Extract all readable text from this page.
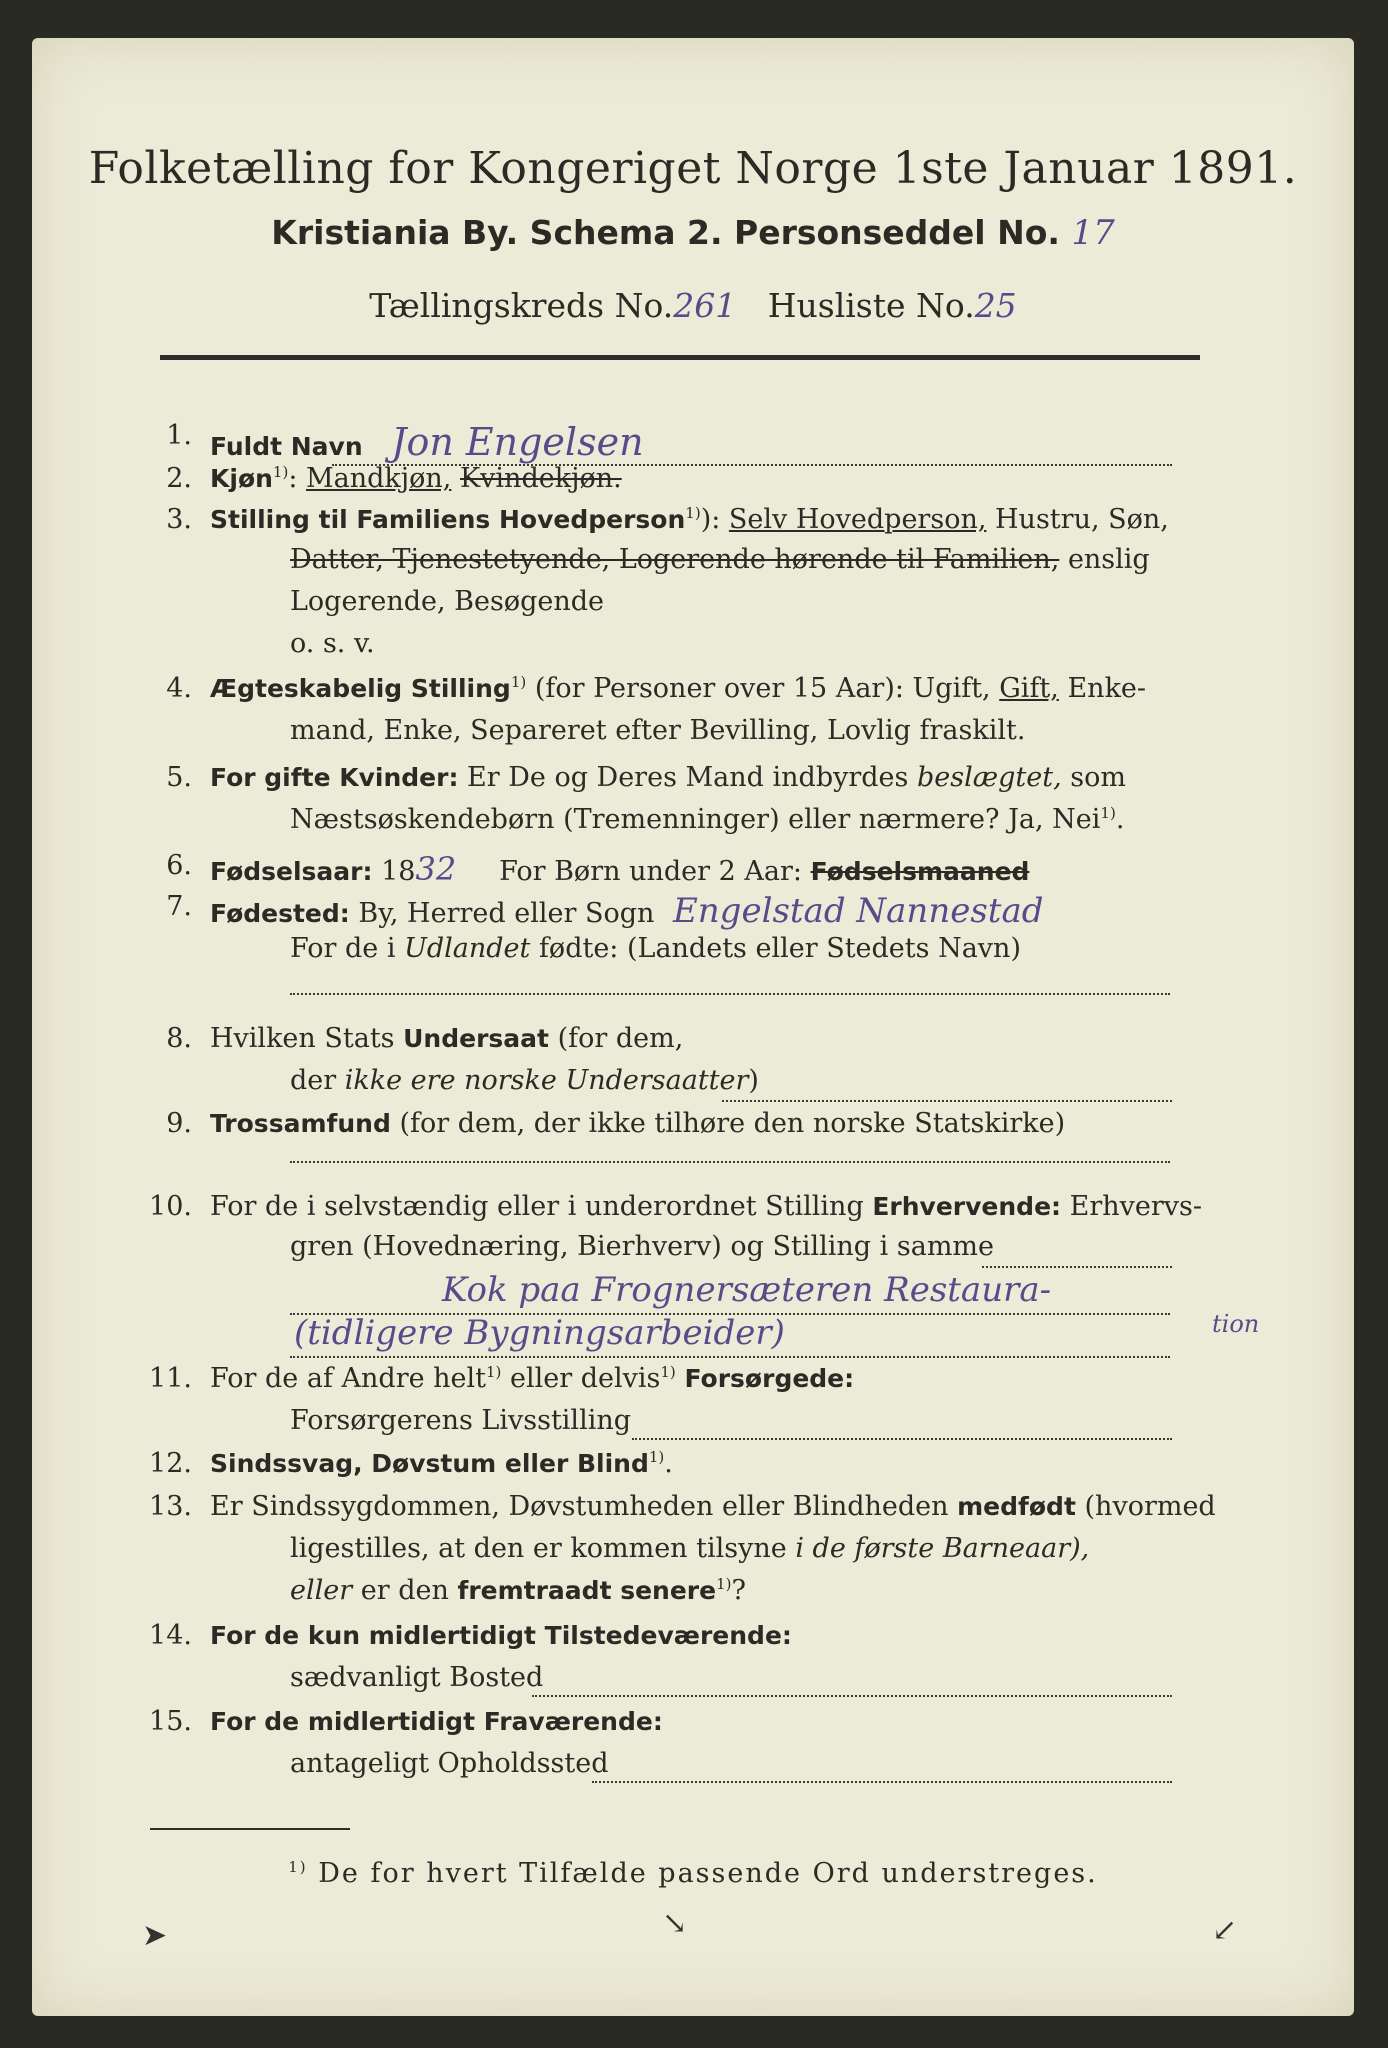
Folketælling for Kongeriget Norge 1ste Januar 1891.
Kristiania By. Schema 2. Personseddel No. 17
Tællingskreds No.261 Husliste No.25
1. Fuldt Navn Jon Engelsen
2. Kjøn$^{1)}$: Mandkjøn, Kvindekjøn.
3. Stilling til Familiens Hovedperson$^{1)}$): Selv Hovedperson, Hustru, Søn,
Datter, Tjenestetyende, Logerende hørende til Familien, enslig
Logerende, Besøgende
o. s. v.
4. Ægteskabelig Stilling$^{1)}$ (for Personer over 15 Aar): Ugift, Gift, Enke-
mand, Enke, Separeret efter Bevilling, Lovlig fraskilt.
5. For gifte Kvinder: Er De og Deres Mand indbyrdes beslægtet, som
Næstsøskendebørn (Tremenninger) eller nærmere? Ja, Nei$^{1)}$.
6. Fødselsaar: 1832 For Børn under 2 Aar: Fødselsmaaned
7. Fødested: By, Herred eller Sogn Engelstad Nannestad
For de i Udlandet fødte: (Landets eller Stedets Navn)
8. Hvilken Stats Undersaat (for dem,
der ikke ere norske Undersaatter)
9. Trossamfund (for dem, der ikke tilhøre den norske Statskirke)
10. For de i selvstændig eller i underordnet Stilling Erhvervende: Erhvervs-
gren (Hovednæring, Bierhverv) og Stilling i samme
Kok paa Frognersæteren Restaura-
tion
(tidligere Bygningsarbeider)
11. For de af Andre helt$^{1)}$ eller delvis$^{1)}$ Forsørgede:
Forsørgerens Livsstilling
12. Sindssvag, Døvstum eller Blind$^{1)}$.
13. Er Sindssygdommen, Døvstumheden eller Blindheden medfødt (hvormed
ligestilles, at den er kommen tilsyne i de første Barneaar),
eller er den fremtraadt senere$^{1)}$?
14. For de kun midlertidigt Tilstedeværende:
sædvanligt Bosted
15. For de midlertidigt Fraværende:
antageligt Opholdssted
$^{1)}$ De for hvert Tilfælde passende Ord understreges.
➤	↘	↙
